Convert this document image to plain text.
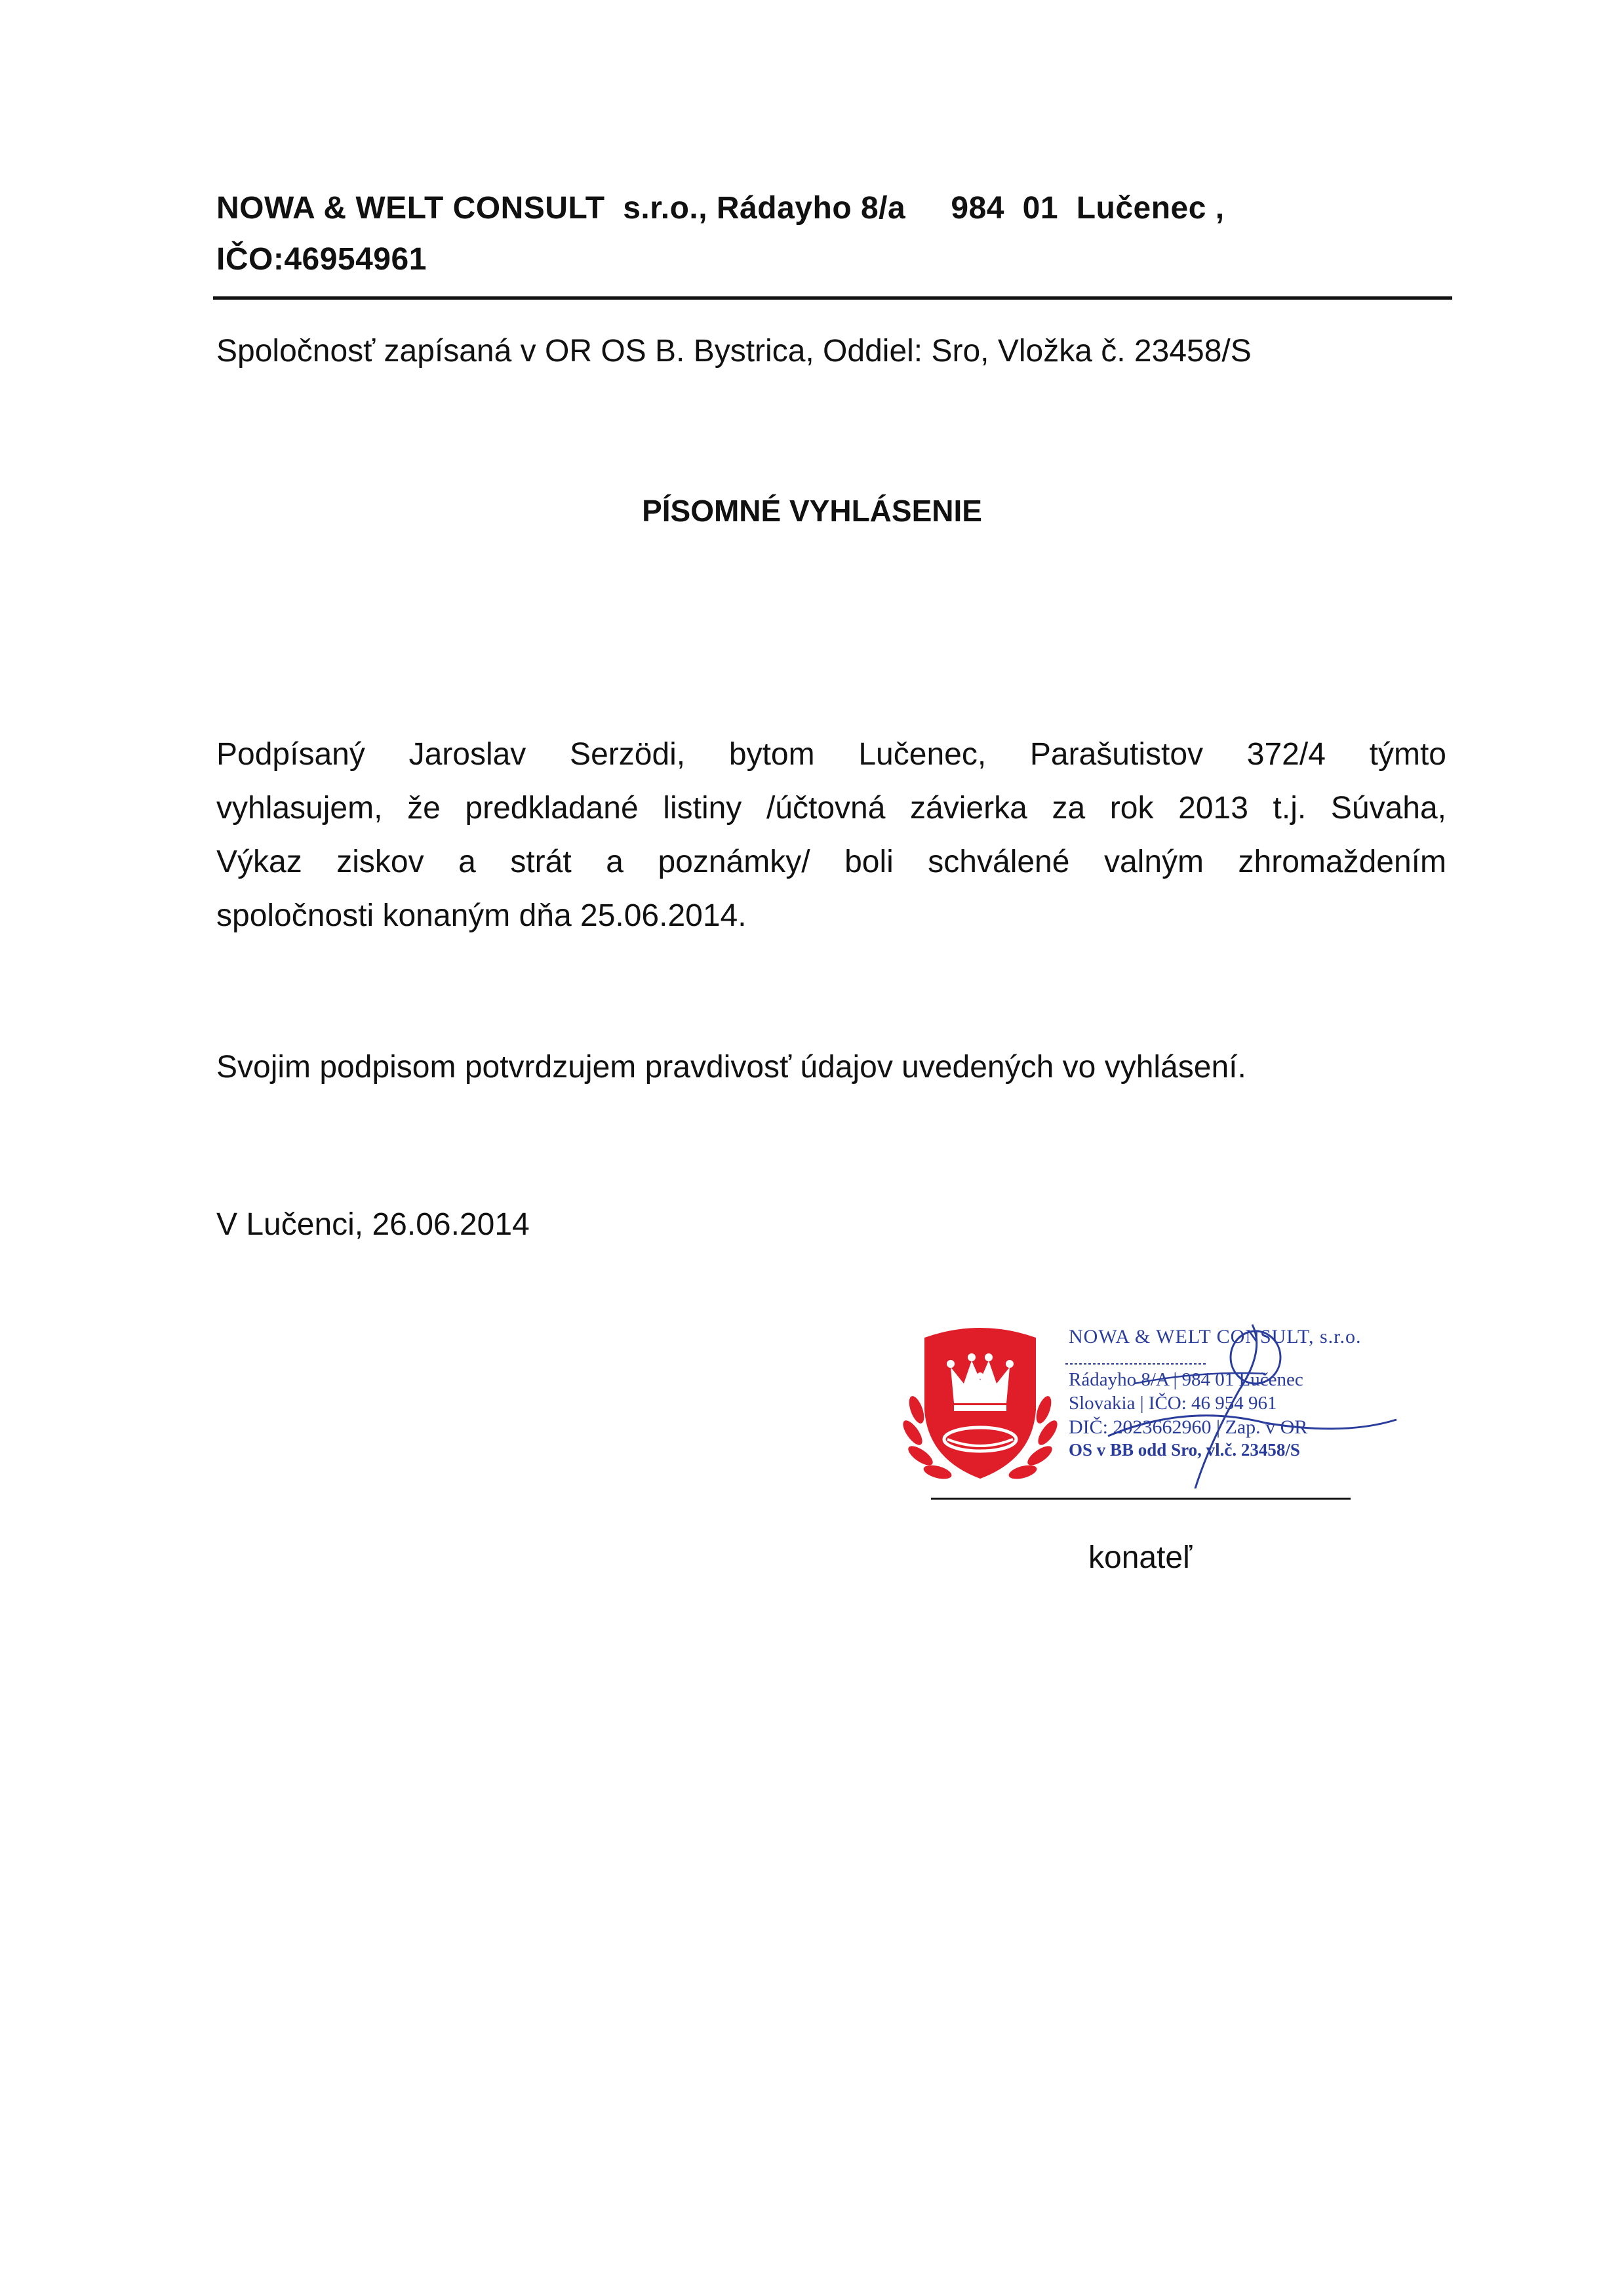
NOWA & WELT CONSULT  s.r.o., Rádayho 8/a     984  01  Lučenec ,
IČO:46954961
Spoločnosť zapísaná v OR OS B. Bystrica, Oddiel: Sro, Vložka č. 23458/S
PÍSOMNÉ VYHLÁSENIE
Podpísaný Jaroslav Serzödi, bytom Lučenec, Parašutistov 372/4 týmto
vyhlasujem, že predkladané listiny /účtovná závierka za rok 2013 t.j. Súvaha,
Výkaz ziskov a strát a poznámky/ boli schválené valným zhromaždením
spoločnosti konaným dňa 25.06.2014.
Svojim podpisom potvrdzujem pravdivosť údajov uvedených vo vyhlásení.
V Lučenci, 26.06.2014
NOWA & WELT CONSULT, s.r.o.
Rádayho 8/A | 984 01 Lučenec
Slovakia | IČO: 46 954 961
DIČ: 2023662960 | Zap. v OR
OS v BB odd Sro, vl.č. 23458/S
konateľ
